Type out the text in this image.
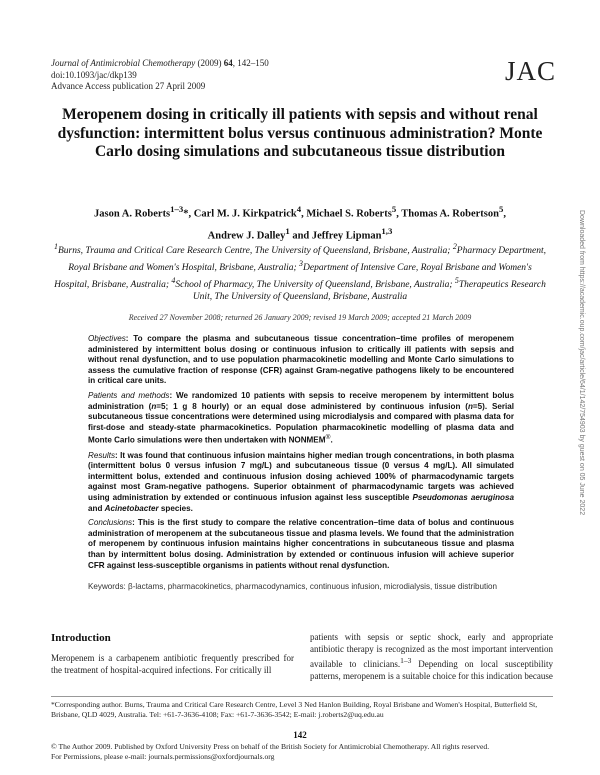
Journal of Antimicrobial Chemotherapy (2009) 64, 142–150
doi:10.1093/jac/dkp139
Advance Access publication 27 April 2009	JAC
Meropenem dosing in critically ill patients with sepsis and without renal dysfunction: intermittent bolus versus continuous administration? Monte Carlo dosing simulations and subcutaneous tissue distribution
Jason A. Roberts$^{1-3}$*, Carl M. J. Kirkpatrick$^4$, Michael S. Roberts$^5$, Thomas A. Robertson$^5$,
Andrew J. Dalley$^1$ and Jeffrey Lipman$^{1,3}$
$^1$Burns, Trauma and Critical Care Research Centre, The University of Queensland, Brisbane, Australia; $^2$Pharmacy Department, Royal Brisbane and Women's Hospital, Brisbane, Australia; $^3$Department of Intensive Care, Royal Brisbane and Women's Hospital, Brisbane, Australia; $^4$School of Pharmacy, The University of Queensland, Brisbane, Australia; $^5$Therapeutics Research Unit, The University of Queensland, Brisbane, Australia
Received 27 November 2008; returned 26 January 2009; revised 19 March 2009; accepted 21 March 2009

Objectives: To compare the plasma and subcutaneous tissue concentration–time profiles of meropenem administered by intermittent bolus dosing or continuous infusion to critically ill patients with sepsis and without renal dysfunction, and to use population pharmacokinetic modelling and Monte Carlo simulations to assess the cumulative fraction of response (CFR) against Gram-negative pathogens likely to be encountered in critical care units.

Patients and methods: We randomized 10 patients with sepsis to receive meropenem by intermittent bolus administration (n=5; 1 g 8 hourly) or an equal dose administered by continuous infusion (n=5). Serial subcutaneous tissue concentrations were determined using microdialysis and compared with plasma data for first-dose and steady-state pharmacokinetics. Population pharmacokinetic modelling of plasma data and Monte Carlo simulations were then undertaken with NONMEM®.

Results: It was found that continuous infusion maintains higher median trough concentrations, in both plasma (intermittent bolus 0 versus infusion 7 mg/L) and subcutaneous tissue (0 versus 4 mg/L). All simulated intermittent bolus, extended and continuous infusion dosing achieved 100% of pharmacodynamic targets against most Gram-negative pathogens. Superior obtainment of pharmacodynamic targets was achieved using administration by extended or continuous infusion against less susceptible Pseudomonas aeruginosa and Acinetobacter species.

Conclusions: This is the first study to compare the relative concentration–time data of bolus and continuous administration of meropenem at the subcutaneous tissue and plasma levels. We found that the administration of meropenem by continuous infusion maintains higher concentrations in subcutaneous tissue and plasma than by intermittent bolus dosing. Administration by extended or continuous infusion will achieve superior CFR against less-susceptible organisms in patients without renal dysfunction.

Keywords: β-lactams, pharmacokinetics, pharmacodynamics, continuous infusion, microdialysis, tissue distribution
Introduction
Meropenem is a carbapenem antibiotic frequently prescribed for the treatment of hospital-acquired infections. For critically ill
patients with sepsis or septic shock, early and appropriate antibiotic therapy is recognized as the most important intervention available to clinicians.$^{1-3}$ Depending on local susceptibility patterns, meropenem is a suitable choice for this indication because
*Corresponding author. Burns, Trauma and Critical Care Research Centre, Level 3 Ned Hanlon Building, Royal Brisbane and Women's Hospital, Butterfield St, Brisbane, QLD 4029, Australia. Tel: +61-7-3636-4108; Fax: +61-7-3636-3542; E-mail: j.roberts2@uq.edu.au
142
© The Author 2009. Published by Oxford University Press on behalf of the British Society for Antimicrobial Chemotherapy. All rights reserved.
For Permissions, please e-mail: journals.permissions@oxfordjournals.org
Downloaded from https://academic.oup.com/jac/article/64/1/142/754903 by guest on 05 June 2022
